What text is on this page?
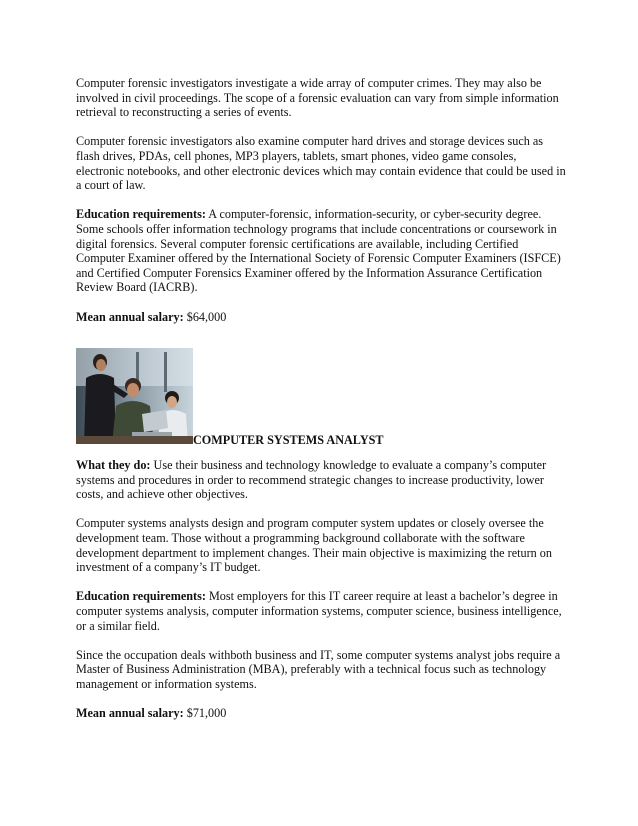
Computer forensic investigators investigate a wide array of computer crimes. They may also be involved in civil proceedings. The scope of a forensic evaluation can vary from simple information retrieval to reconstructing a series of events.

Computer forensic investigators also examine computer hard drives and storage devices such as flash drives, PDAs, cell phones, MP3 players, tablets, smart phones, video game consoles, electronic notebooks, and other electronic devices which may contain evidence that could be used in a court of law.

Education requirements: A computer-forensic, information-security, or cyber-security degree. Some schools offer information technology programs that include concentrations or coursework in digital forensics. Several computer forensic certifications are available, including Certified Computer Examiner offered by the International Society of Forensic Computer Examiners (ISFCE) and Certified Computer Forensics Examiner offered by the Information Assurance Certification Review Board (IACRB).

Mean annual salary: $64,000

COMPUTER SYSTEMS ANALYST

What they do: Use their business and technology knowledge to evaluate a company’s computer systems and procedures in order to recommend strategic changes to increase productivity, lower costs, and achieve other objectives.

Computer systems analysts design and program computer system updates or closely oversee the development team. Those without a programming background collaborate with the software development department to implement changes. Their main objective is maximizing the return on investment of a company’s IT budget.

Education requirements: Most employers for this IT career require at least a bachelor’s degree in computer systems analysis, computer information systems, computer science, business intelligence, or a similar field.

Since the occupation deals withboth business and IT, some computer systems analyst jobs require a Master of Business Administration (MBA), preferably with a technical focus such as technology management or information systems.

Mean annual salary: $71,000
